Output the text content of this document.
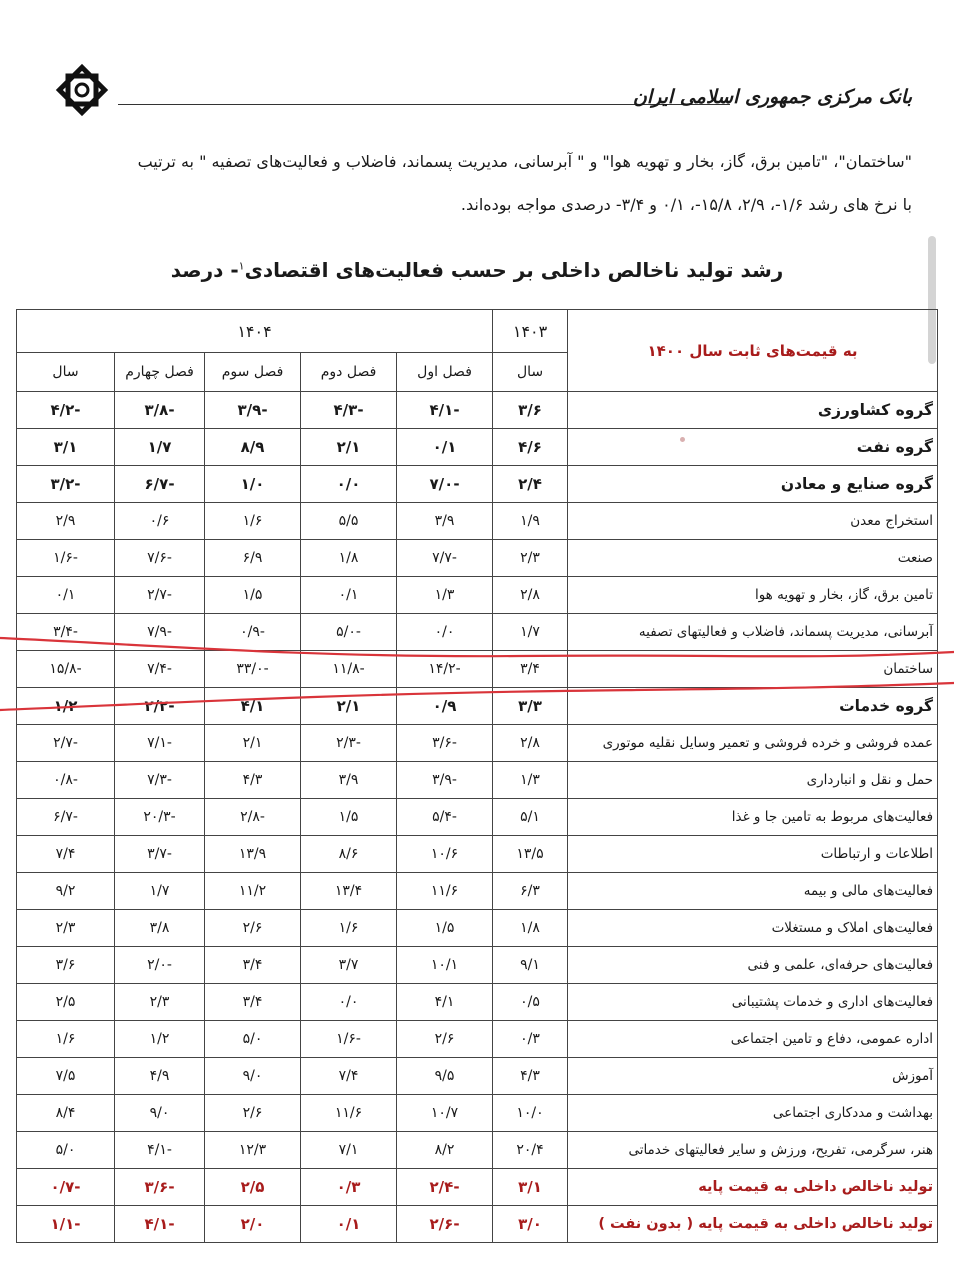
بانک مرکزی جمهوری اسلامی ایران

"ساختمان"، "تامین برق، گاز، بخار و تهویه هوا" و " آبرسانی، مدیریت پسماند، فاضلاب و فعالیت‌های تصفیه " به ترتیب

با نرخ های رشد ۱/۶-، ۲/۹، ۱۵/۸-، ۰/۱ و ۳/۴- درصدی مواجه بوده‌اند.

رشد تولید ناخالص داخلی بر حسب فعالیت‌های اقتصادی$^۱$- درصد
به قیمت‌های ثابت سال ۱۴۰۰	۱۴۰۳	۱۴۰۴				
	سال	فصل اول	فصل دوم	فصل سوم	فصل چهارم	سال
گروه کشاورزی	۳/۶	-۴/۱	-۴/۳	-۳/۹	-۳/۸	-۴/۲
گروه نفت	۴/۶	۰/۱	۲/۱	۸/۹	۱/۷	۳/۱
گروه صنایع و معادن	۲/۴	-۷/۰	۰/۰	۱/۰	-۶/۷	-۳/۲
استخراج معدن	۱/۹	۳/۹	۵/۵	۱/۶	۰/۶	۲/۹
صنعت	۲/۳	-۷/۷	۱/۸	۶/۹	-۷/۶	-۱/۶
تامین برق، گاز، بخار و تهویه هوا	۲/۸	۱/۳	۰/۱	۱/۵	-۲/۷	۰/۱
آبرسانی، مدیریت پسماند، فاضلاب و فعالیتهای تصفیه	۱/۷	۰/۰	-۵/۰	-۰/۹	-۷/۹	-۳/۴
ساختمان	۳/۴	-۱۴/۲	-۱۱/۸	-۳۳/۰	-۷/۴	-۱۵/۸
گروه خدمات	۳/۳	۰/۹	۲/۱	۴/۱	-۲/۲	۱/۲
عمده فروشی و خرده فروشی و تعمیر وسایل نقلیه موتوری	۲/۸	-۳/۶	-۲/۳	۲/۱	-۷/۱	-۲/۷
حمل و نقل و انبارداری	۱/۳	-۳/۹	۳/۹	۴/۳	-۷/۳	-۰/۸
فعالیت‌های مربوط به تامین جا و غذا	۵/۱	-۵/۴	۱/۵	-۲/۸	-۲۰/۳	-۶/۷
اطلاعات و ارتباطات	۱۳/۵	۱۰/۶	۸/۶	۱۳/۹	-۳/۷	۷/۴
فعالیت‌های مالی و بیمه	۶/۳	۱۱/۶	۱۳/۴	۱۱/۲	۱/۷	۹/۲
فعالیت‌های املاک و مستغلات	۱/۸	۱/۵	۱/۶	۲/۶	۳/۸	۲/۳
فعالیت‌های حرفه‌ای، علمی و فنی	۹/۱	۱۰/۱	۳/۷	۳/۴	-۲/۰	۳/۶
فعالیت‌های اداری و خدمات پشتیبانی	۰/۵	۴/۱	۰/۰	۳/۴	۲/۳	۲/۵
اداره عمومی، دفاع و تامین اجتماعی	۰/۳	۲/۶	-۱/۶	۵/۰	۱/۲	۱/۶
آموزش	۴/۳	۹/۵	۷/۴	۹/۰	۴/۹	۷/۵
بهداشت و مددکاری اجتماعی	۱۰/۰	۱۰/۷	۱۱/۶	۲/۶	۹/۰	۸/۴
هنر، سرگرمی، تفریح، ورزش و سایر فعالیتهای خدماتی	۲۰/۴	۸/۲	۷/۱	۱۲/۳	-۴/۱	۵/۰
تولید ناخالص داخلی به قیمت پایه	۳/۱	-۲/۴	۰/۳	۲/۵	-۳/۶	-۰/۷
تولید ناخالص داخلی به قیمت پایه ( بدون نفت )	۳/۰	-۲/۶	۰/۱	۲/۰	-۴/۱	-۱/۱
